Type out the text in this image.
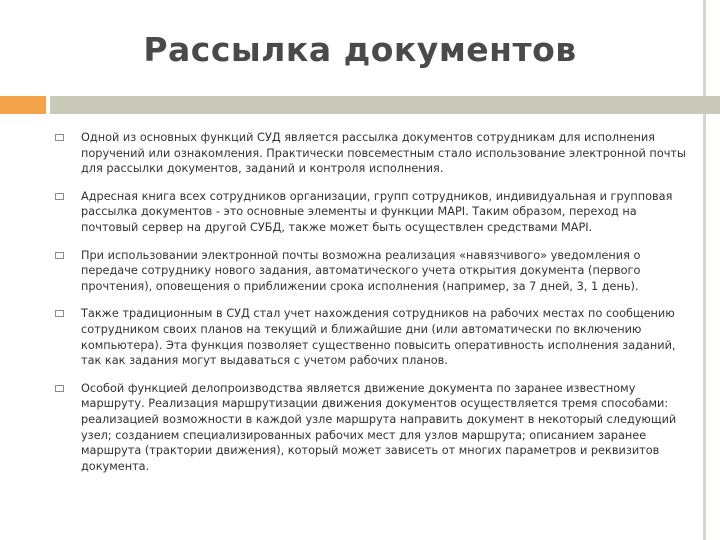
Рассылка документов
Одной из основных функций СУД является рассылка документов сотрудникам для исполнения поручений или ознакомления. Практически повсеместным стало использование электронной почты для рассылки документов, заданий и контроля исполнения.
Адресная книга всех сотрудников организации, групп сотрудников, индивидуальная и групповая рассылка документов - это основные элементы и функции MAPI. Таким образом, переход на почтовый сервер на другой СУБД, также может быть осуществлен средствами MAPI.
При использовании электронной почты возможна реализация «навязчивого» уведомления о передаче сотруднику нового задания, автоматического учета открытия документа (первого прочтения), оповещения о приближении срока исполнения (например, за 7 дней, 3, 1 день).
Также традиционным в СУД стал учет нахождения сотрудников на рабочих местах по сообщению сотрудником своих планов на текущий и ближайшие дни (или автоматически по включению компьютера). Эта функция позволяет существенно повысить оперативность исполнения заданий, так как задания могут выдаваться с учетом рабочих планов.
Особой функцией делопроизводства является движение документа по заранее известному маршруту. Реализация маршрутизации движения документов осуществляется тремя способами: реализацией возможности в каждой узле маршрута направить документ в некоторый следующий узел; созданием специализированных рабочих мест для узлов маршрута; описанием заранее маршрута (трактории движения), который может зависеть от многих параметров и реквизитов документа.
